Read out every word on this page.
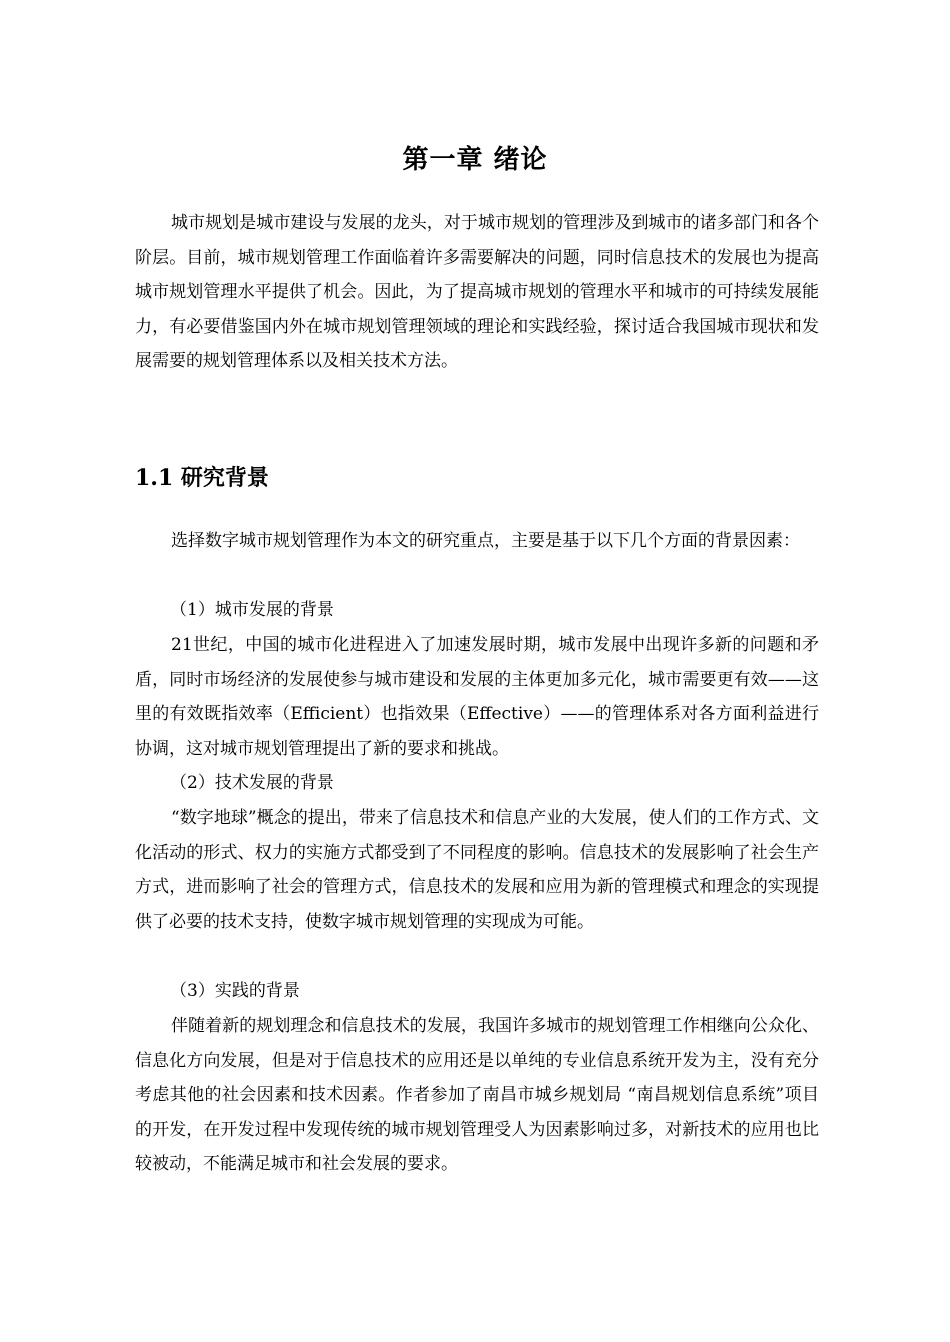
第一章 绪论

城市规划是城市建设与发展的龙头，对于城市规划的管理涉及到城市的诸多部门和各个阶层。目前，城市规划管理工作面临着许多需要解决的问题，同时信息技术的发展也为提高城市规划管理水平提供了机会。因此，为了提高城市规划的管理水平和城市的可持续发展能力，有必要借鉴国内外在城市规划管理领域的理论和实践经验，探讨适合我国城市现状和发展需要的规划管理体系以及相关技术方法。

1.1 研究背景

选择数字城市规划管理作为本文的研究重点，主要是基于以下几个方面的背景因素：

（1）城市发展的背景

21世纪，中国的城市化进程进入了加速发展时期，城市发展中出现许多新的问题和矛盾，同时市场经济的发展使参与城市建设和发展的主体更加多元化，城市需要更有效——这里的有效既指效率（Efficient）也指效果（Effective）——的管理体系对各方面利益进行协调，这对城市规划管理提出了新的要求和挑战。

（2）技术发展的背景

“数字地球”概念的提出，带来了信息技术和信息产业的大发展，使人们的工作方式、文化活动的形式、权力的实施方式都受到了不同程度的影响。信息技术的发展影响了社会生产方式，进而影响了社会的管理方式，信息技术的发展和应用为新的管理模式和理念的实现提供了必要的技术支持，使数字城市规划管理的实现成为可能。

（3）实践的背景

伴随着新的规划理念和信息技术的发展，我国许多城市的规划管理工作相继向公众化、信息化方向发展，但是对于信息技术的应用还是以单纯的专业信息系统开发为主，没有充分考虑其他的社会因素和技术因素。作者参加了南昌市城乡规划局 “南昌规划信息系统”项目的开发，在开发过程中发现传统的城市规划管理受人为因素影响过多，对新技术的应用也比较被动，不能满足城市和社会发展的要求。
